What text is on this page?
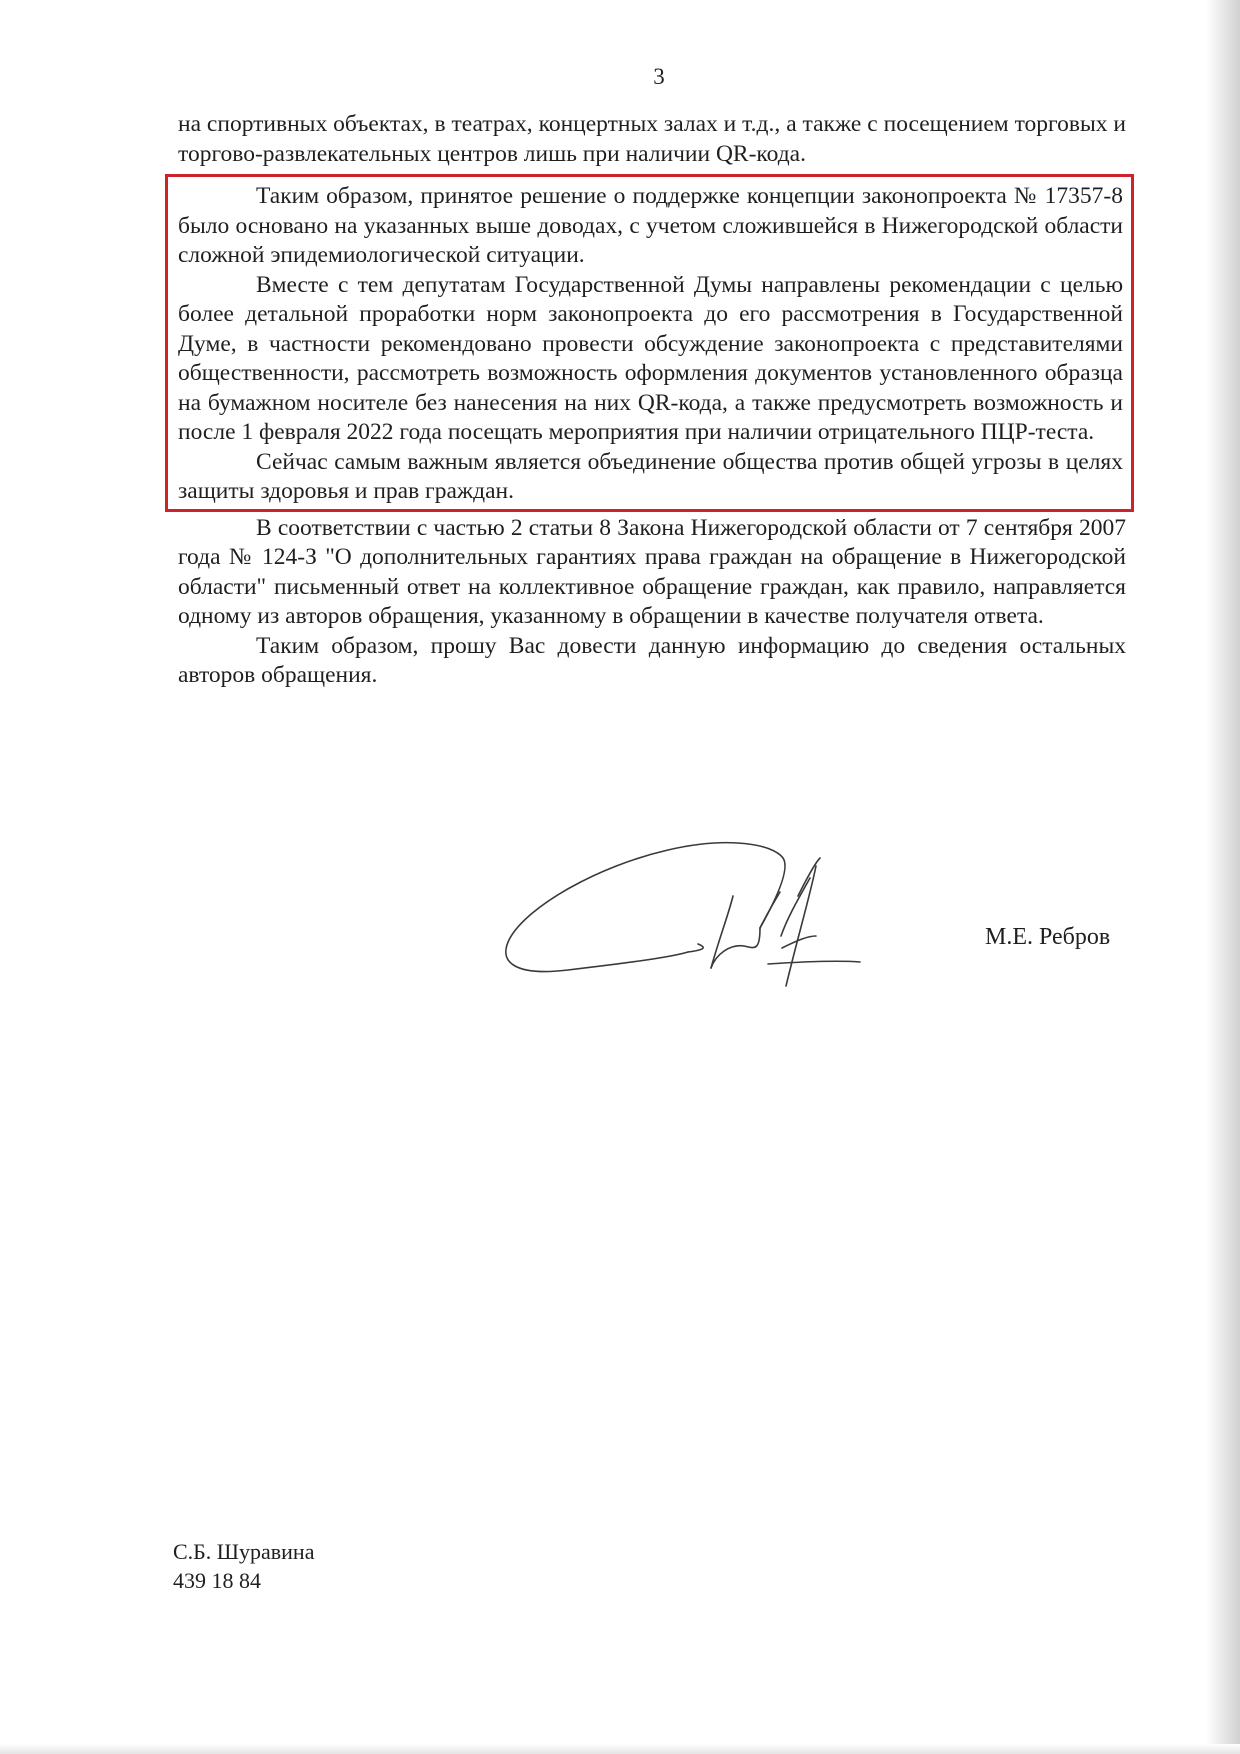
3

на спортивных объектах, в театрах, концертных залах и т.д., а также с посещением торговых и торгово-развлекательных центров лишь при наличии QR-кода.

Таким образом, принятое решение о поддержке концепции законопроекта № 17357-8 было основано на указанных выше доводах, с учетом сложившейся в Нижегородской области сложной эпидемиологической ситуации.

Вместе с тем депутатам Государственной Думы направлены рекомендации с целью более детальной проработки норм законопроекта до его рассмотрения в Государственной Думе, в частности рекомендовано провести обсуждение законопроекта с представителями общественности, рассмотреть возможность оформления документов установленного образца на бумажном носителе без нанесения на них QR-кода, а также предусмотреть возможность и после 1 февраля 2022 года посещать мероприятия при наличии отрицательного ПЦР-теста.

Сейчас самым важным является объединение общества против общей угрозы в целях защиты здоровья и прав граждан.

В соответствии с частью 2 статьи 8 Закона Нижегородской области от 7 сентября 2007 года № 124-З "О дополнительных гарантиях права граждан на обращение в Нижегородской области" письменный ответ на коллективное обращение граждан, как правило, направляется одному из авторов обращения, указанному в обращении в качестве получателя ответа.

Таким образом, прошу Вас довести данную информацию до сведения остальных авторов обращения.

М.Е. Ребров
С.Б. Шуравина
439 18 84
